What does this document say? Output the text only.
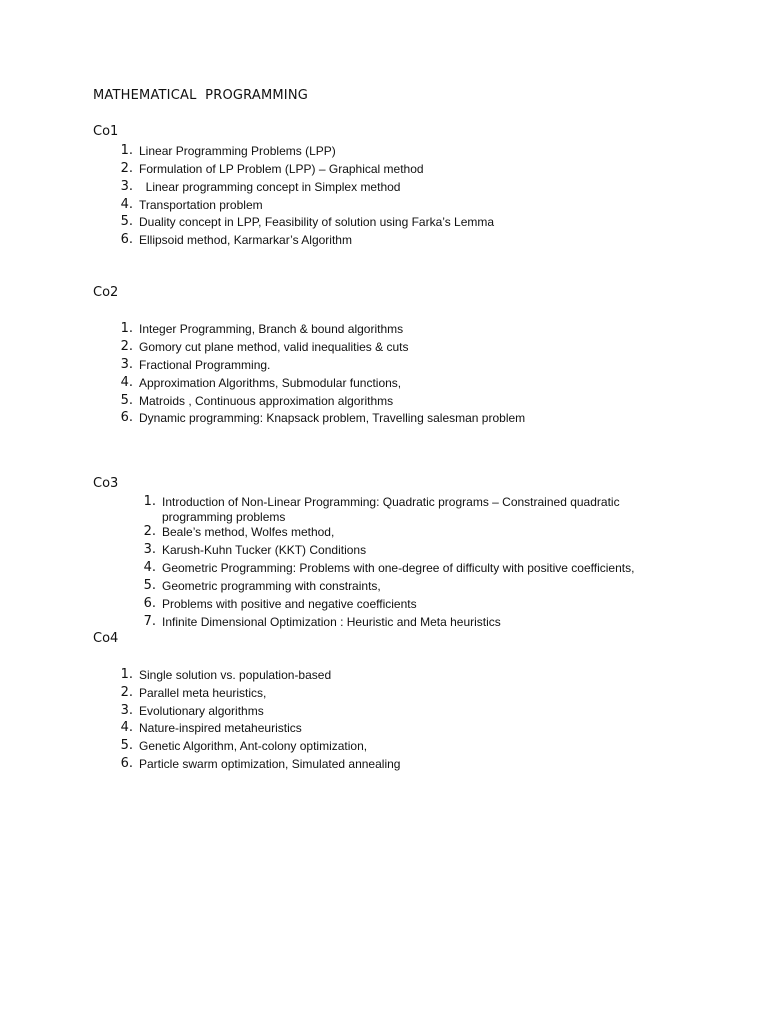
MATHEMATICAL  PROGRAMMING
Co1
1. Linear Programming Problems (LPP)
2. Formulation of LP Problem (LPP) – Graphical method
3. Linear programming concept in Simplex method
4. Transportation problem
5. Duality concept in LPP, Feasibility of solution using Farka’s Lemma
6. Ellipsoid method, Karmarkar’s Algorithm
Co2
1. Integer Programming, Branch & bound algorithms
2. Gomory cut plane method, valid inequalities & cuts
3. Fractional Programming.
4. Approximation Algorithms, Submodular functions,
5. Matroids , Continuous approximation algorithms
6. Dynamic programming: Knapsack problem, Travelling salesman problem
Co3
1. Introduction of Non-Linear Programming: Quadratic programs – Constrained quadratic programming problems
2. Beale’s method, Wolfes method,
3. Karush-Kuhn Tucker (KKT) Conditions
4. Geometric Programming: Problems with one-degree of difficulty with positive coefficients,
5. Geometric programming with constraints,
6. Problems with positive and negative coefficients
7. Infinite Dimensional Optimization : Heuristic and Meta heuristics
Co4
1. Single solution vs. population-based
2. Parallel meta heuristics,
3. Evolutionary algorithms
4. Nature-inspired metaheuristics
5. Genetic Algorithm, Ant-colony optimization,
6. Particle swarm optimization, Simulated annealing
